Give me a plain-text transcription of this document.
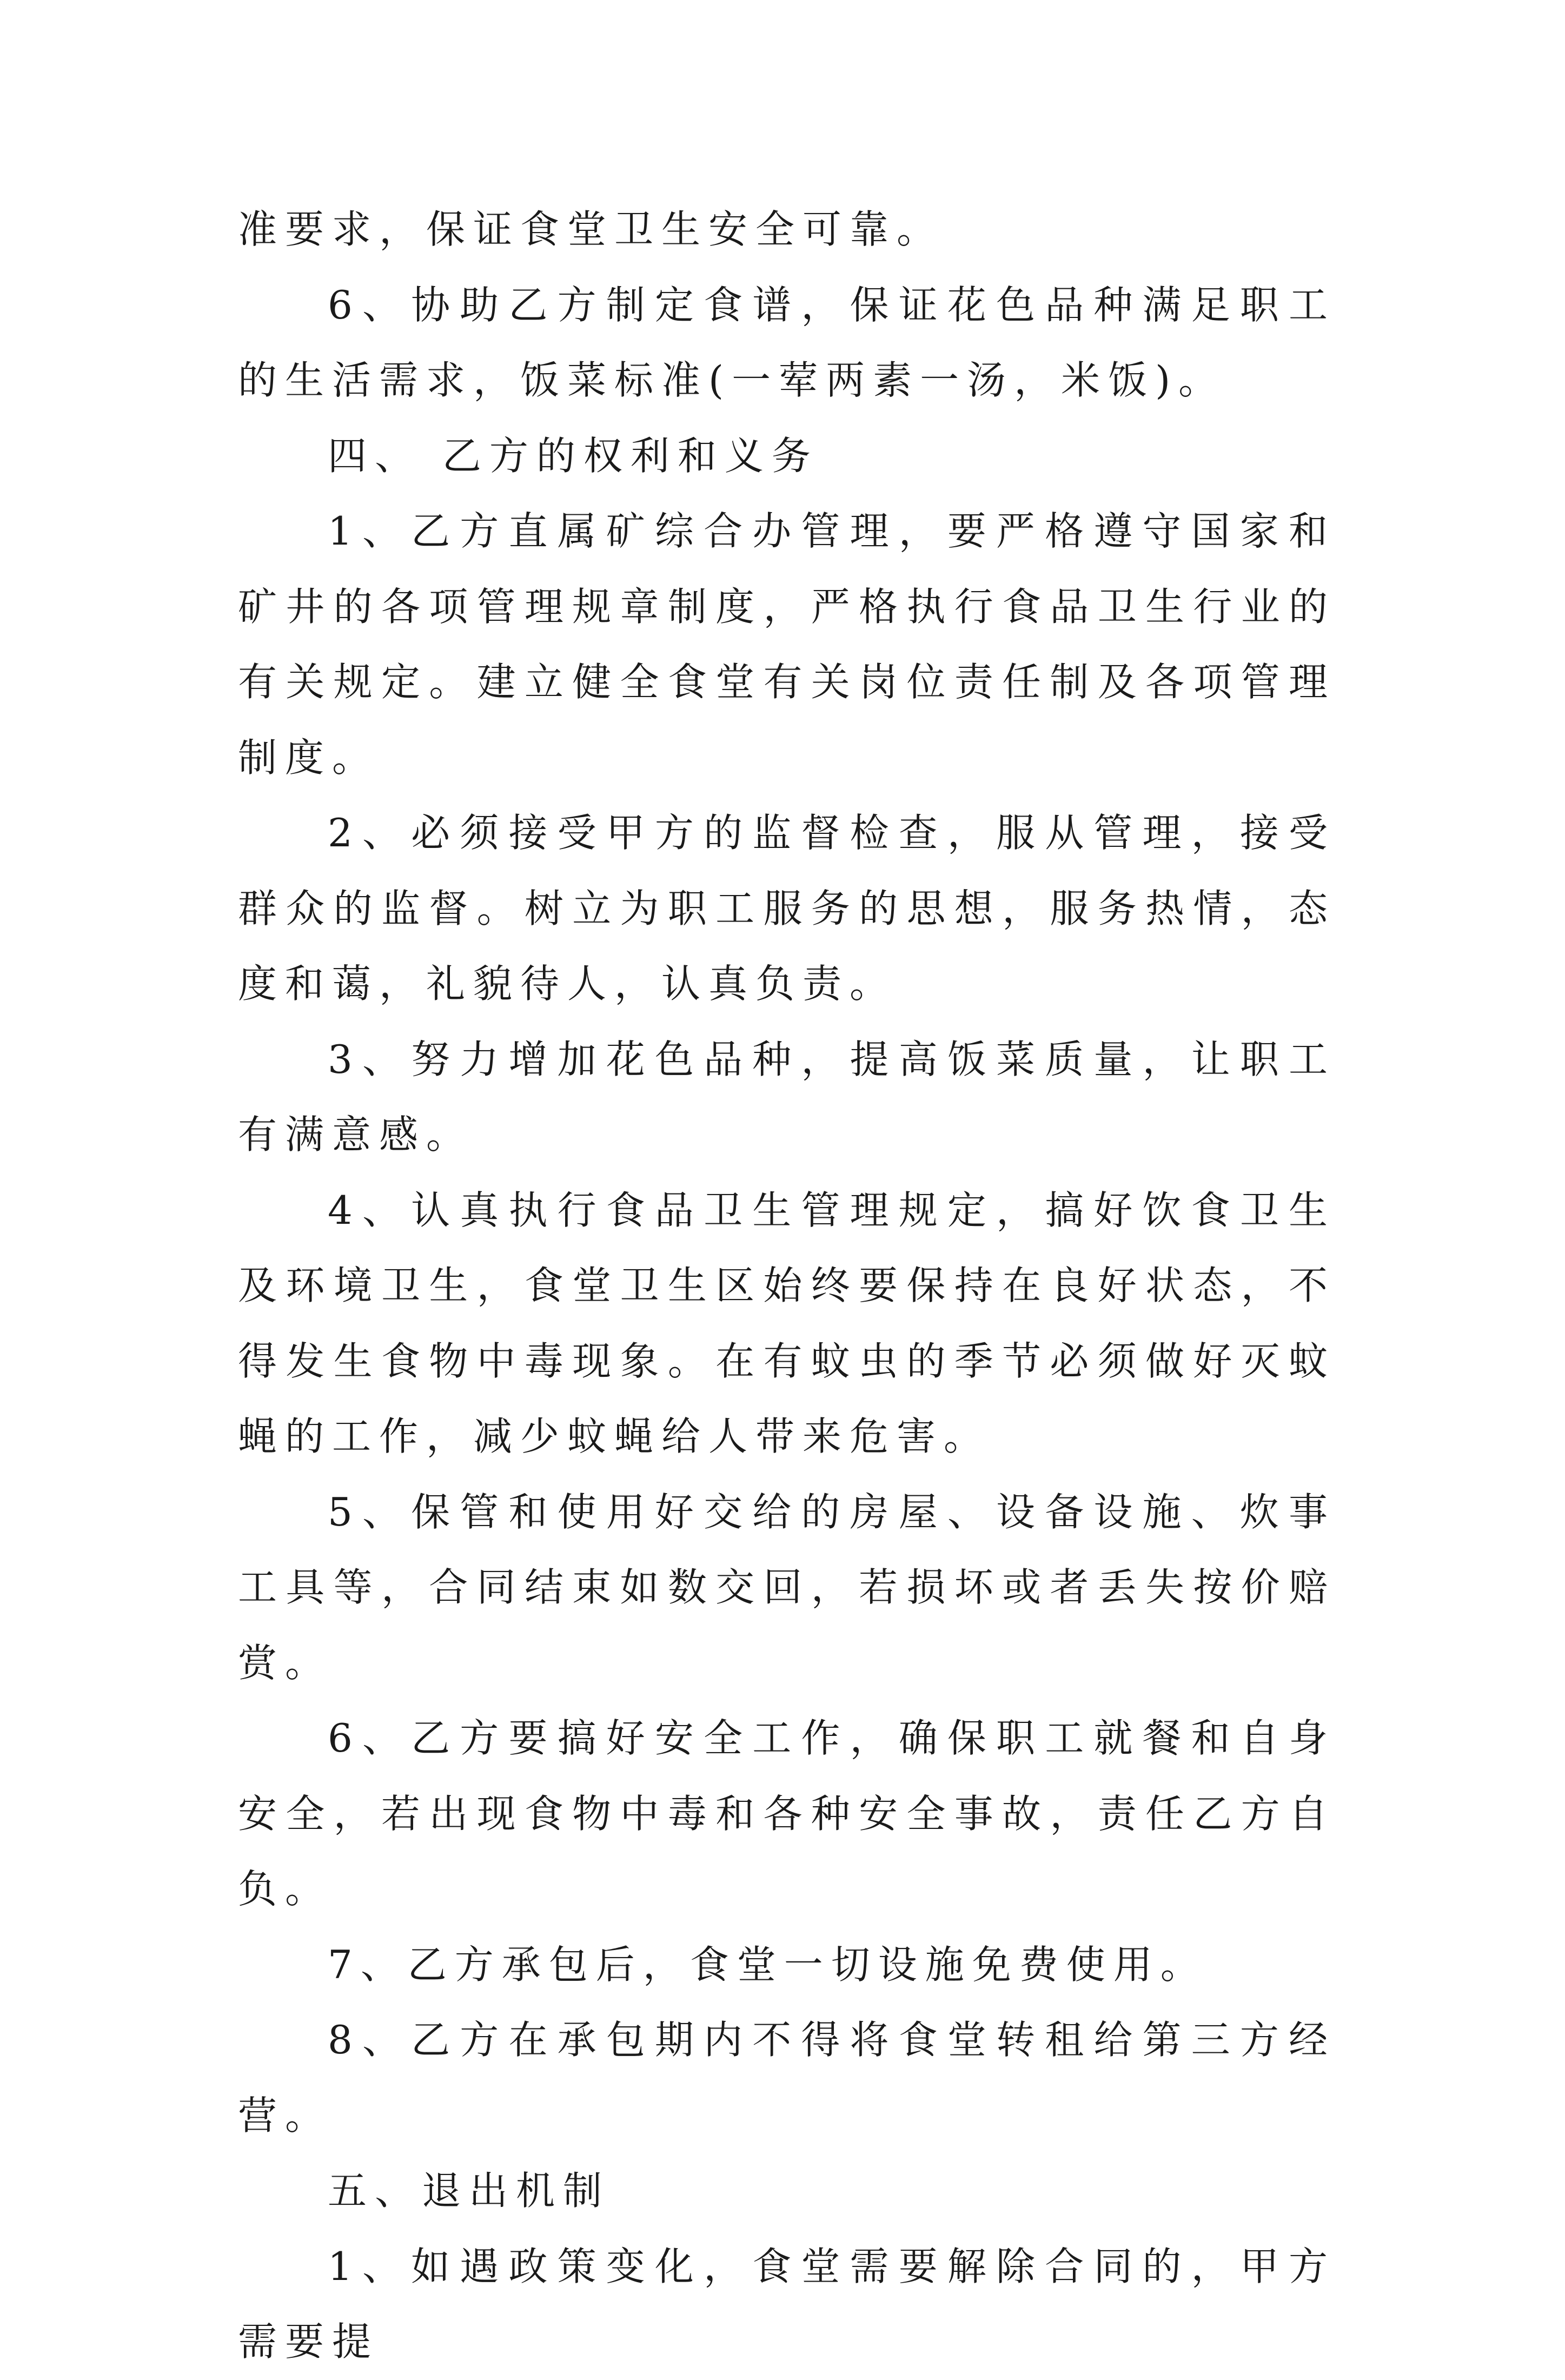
准要求，保证食堂卫生安全可靠。

6、协助乙方制定食谱，保证花色品种满足职工的生活需求，饭菜标准(一荤两素一汤，米饭)。

四、 乙方的权利和义务

1、乙方直属矿综合办管理，要严格遵守国家和矿井的各项管理规章制度，严格执行食品卫生行业的有关规定。建立健全食堂有关岗位责任制及各项管理制度。

2、必须接受甲方的监督检查，服从管理，接受群众的监督。树立为职工服务的思想，服务热情，态度和蔼，礼貌待人，认真负责。

3、努力增加花色品种，提高饭菜质量，让职工有满意感。

4、认真执行食品卫生管理规定，搞好饮食卫生及环境卫生，食堂卫生区始终要保持在良好状态，不得发生食物中毒现象。在有蚊虫的季节必须做好灭蚊蝇的工作，减少蚊蝇给人带来危害。

5、保管和使用好交给的房屋、设备设施、炊事工具等，合同结束如数交回，若损坏或者丢失按价赔赏。

6、乙方要搞好安全工作，确保职工就餐和自身安全，若出现食物中毒和各种安全事故，责任乙方自负。

7、乙方承包后，食堂一切设施免费使用。

8、乙方在承包期内不得将食堂转租给第三方经营。

五、退出机制

1、如遇政策变化，食堂需要解除合同的，甲方需要提
